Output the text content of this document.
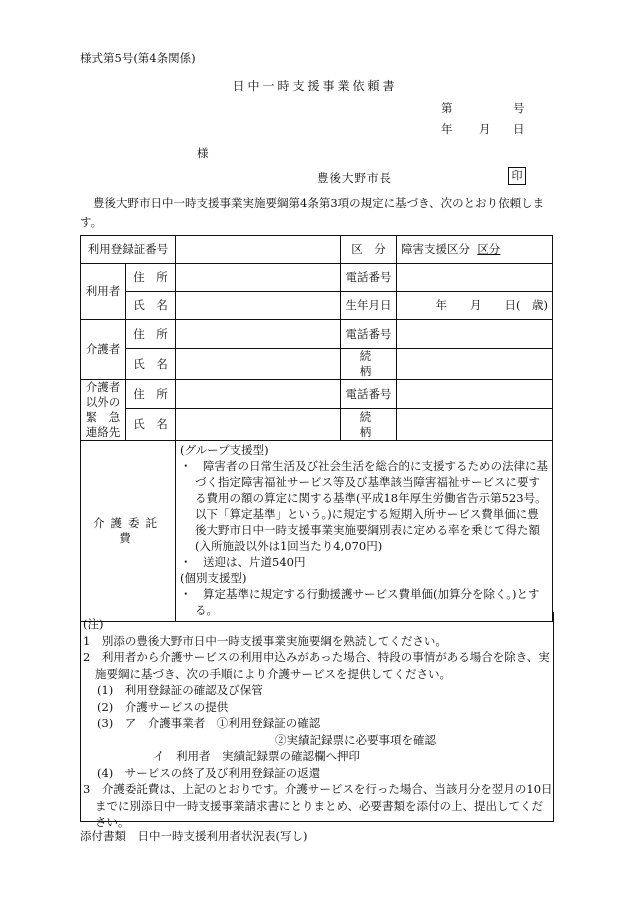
様式第5号(第4条関係)
日中一時支援事業依頼書
第	号
年 月 日
様
豊後大野市長	印
豊後大野市日中一時支援事業実施要綱第4条第3項の規定に基づき、次のとおり依頼します。
利用登録証番号			区　分	障害支援区分 区分
利用者	住　所		電話番号	
	氏　名		生年月日	年　　月　　日(　歳)
介護者	住　所		電話番号	
	氏　名		続　柄	

介護者
以外の
緊　急
連絡先	住　所		電話番号	
	氏　名		続　柄	
介護委託費		(グループ支援型)
・　障害者の日常生活及び社会生活を総合的に支援するための法律に基づく指定障害福祉サービス等及び基準該当障害福祉サービスに要する費用の額の算定に関する基準(平成18年厚生労働省告示第523号。以下「算定基準」という。)に規定する短期入所サービス費単価に豊後大野市日中一時支援事業実施要綱別表に定める率を乗じて得た額(入所施設以外は1回当たり4,070円)
・　送迎は、片道540円
(個別支援型)
・　算定基準に規定する行動援護サービス費単価(加算分を除く。)とする。		
(注)
1　別添の豊後大野市日中一時支援事業実施要綱を熟読してください。
2　利用者から介護サービスの利用申込みがあった場合、特段の事情がある場合を除き、実施要綱に基づき、次の手順により介護サービスを提供してください。
(1)　利用登録証の確認及び保管
(2)　介護サービスの提供
(3)　ア　介護事業者　①利用登録証の確認
②実績記録票に必要事項を確認
イ　利用者　実績記録票の確認欄へ押印
(4)　サービスの終了及び利用登録証の返還
3　介護委託費は、上記のとおりです。介護サービスを行った場合、当該月分を翌月の10日までに別添日中一時支援事業請求書にとりまとめ、必要書類を添付の上、提出してください。
添付書類　日中一時支援利用者状況表(写し)
